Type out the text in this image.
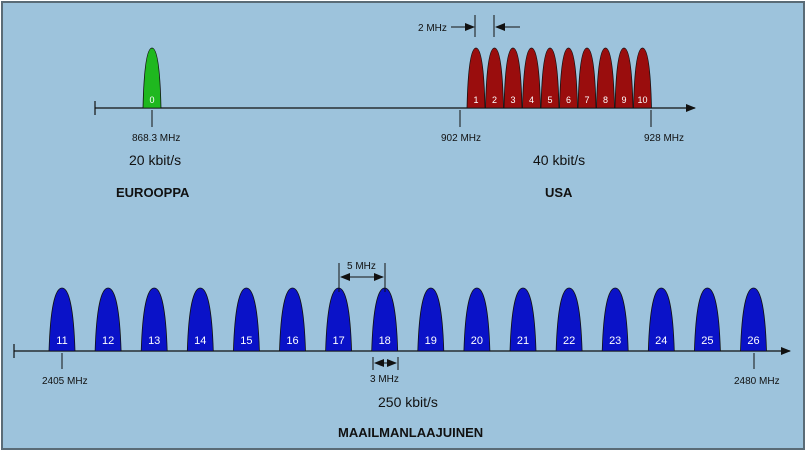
0	1 2 3 4 5 6 7 8 9 10
868.3 MHz
20 kbit/s
EUROOPPA
902 MHz	928 MHz
40 kbit/s
USA
2 MHz
11	12	13	14	15	16	17	18	19	20	21	22	23	24	25	26
2405 MHz	2480 MHz
5 MHz
3 MHz
250 kbit/s
MAAILMANLAAJUINEN
